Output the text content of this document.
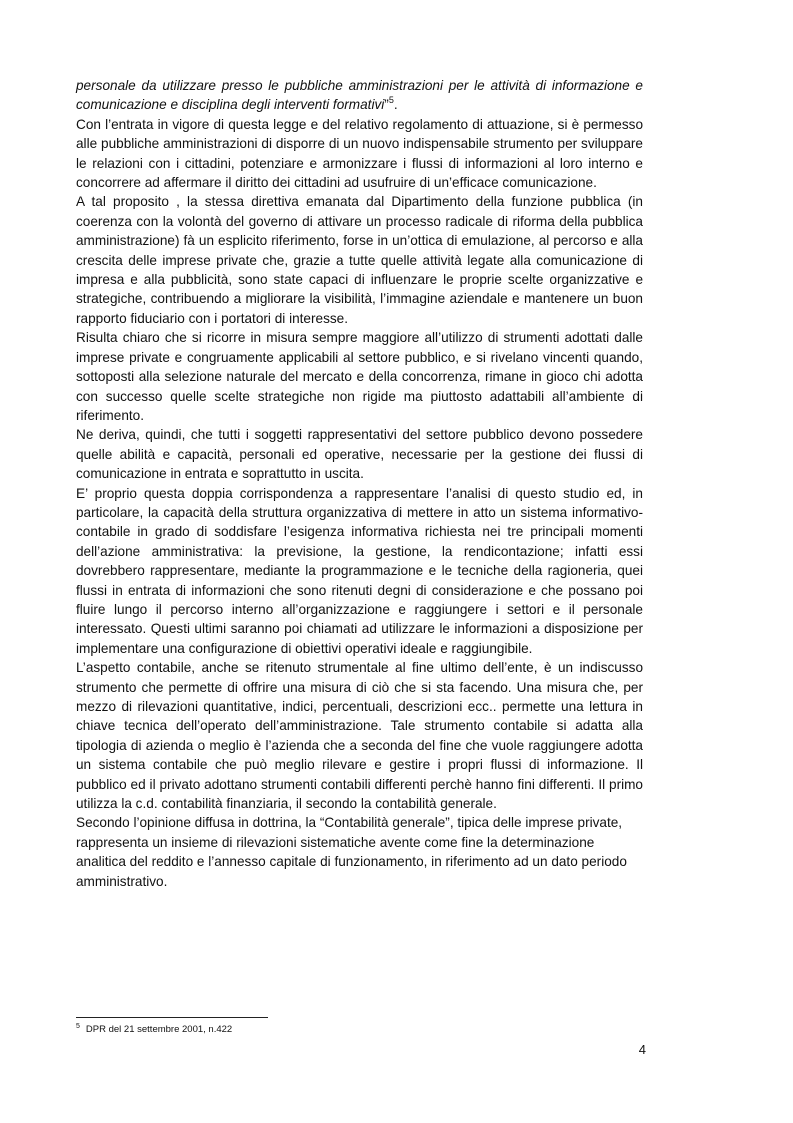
personale da utilizzare presso le pubbliche amministrazioni per le attività di informazione e comunicazione e disciplina degli interventi formativi”$^5$.

Con l’entrata in vigore di questa legge e del relativo regolamento di attuazione, si è permesso alle pubbliche amministrazioni di disporre di un nuovo indispensabile strumento per sviluppare le relazioni con i cittadini, potenziare e armonizzare i flussi di informazioni al loro interno e concorrere ad affermare il diritto dei cittadini ad usufruire di un’efficace comunicazione.

A tal proposito , la stessa direttiva emanata dal Dipartimento della funzione pubblica (in coerenza con la volontà del governo di attivare un processo radicale di riforma della pubblica amministrazione) fà un esplicito riferimento, forse in un’ottica di emulazione, al percorso e alla crescita delle imprese private che, grazie a tutte quelle attività legate alla comunicazione di impresa e alla pubblicità, sono state capaci di influenzare le proprie scelte organizzative e strategiche, contribuendo a migliorare la visibilità, l’immagine aziendale e mantenere un buon rapporto fiduciario con i portatori di interesse.

Risulta chiaro che si ricorre in misura sempre maggiore all’utilizzo di strumenti adottati dalle imprese private e congruamente applicabili al settore pubblico, e si rivelano vincenti quando, sottoposti alla selezione naturale del mercato e della concorrenza, rimane in gioco chi adotta con successo quelle scelte strategiche non rigide ma piuttosto adattabili all’ambiente di riferimento.

Ne deriva, quindi, che tutti i soggetti rappresentativi del settore pubblico devono possedere quelle abilità e capacità, personali ed operative, necessarie per la gestione dei flussi di comunicazione in entrata e soprattutto in uscita.

E’ proprio questa doppia corrispondenza a rappresentare l’analisi di questo studio ed, in particolare, la capacità della struttura organizzativa di mettere in atto un sistema informativo-contabile in grado di soddisfare l’esigenza informativa richiesta nei tre principali momenti dell’azione amministrativa: la previsione, la gestione, la rendicontazione; infatti essi dovrebbero rappresentare, mediante la programmazione e le tecniche della ragioneria, quei flussi in entrata di informazioni che sono ritenuti degni di considerazione e che possano poi fluire lungo il percorso interno all’organizzazione e raggiungere i settori e il personale interessato. Questi ultimi saranno poi chiamati ad utilizzare le informazioni a disposizione per implementare una configurazione di obiettivi operativi ideale e raggiungibile.

L’aspetto contabile, anche se ritenuto strumentale al fine ultimo dell’ente, è un indiscusso strumento che permette di offrire una misura di ciò che si sta facendo. Una misura che, per mezzo di rilevazioni quantitative, indici, percentuali, descrizioni ecc.. permette una lettura in chiave tecnica dell’operato dell’amministrazione. Tale strumento contabile si adatta alla tipologia di azienda o meglio è l’azienda che a seconda del fine che vuole raggiungere adotta un sistema contabile che può meglio rilevare e gestire i propri flussi di informazione. Il pubblico ed il privato adottano strumenti contabili differenti perchè hanno fini differenti. Il primo utilizza la c.d. contabilità finanziaria, il secondo la contabilità generale.

Secondo l’opinione diffusa in dottrina, la “Contabilità generale”, tipica delle imprese private, rappresenta un insieme di rilevazioni sistematiche avente come fine la determinazione analitica del reddito e l’annesso capitale di funzionamento, in riferimento ad un dato periodo amministrativo.

$^5$ DPR del 21 settembre 2001, n.422
4
